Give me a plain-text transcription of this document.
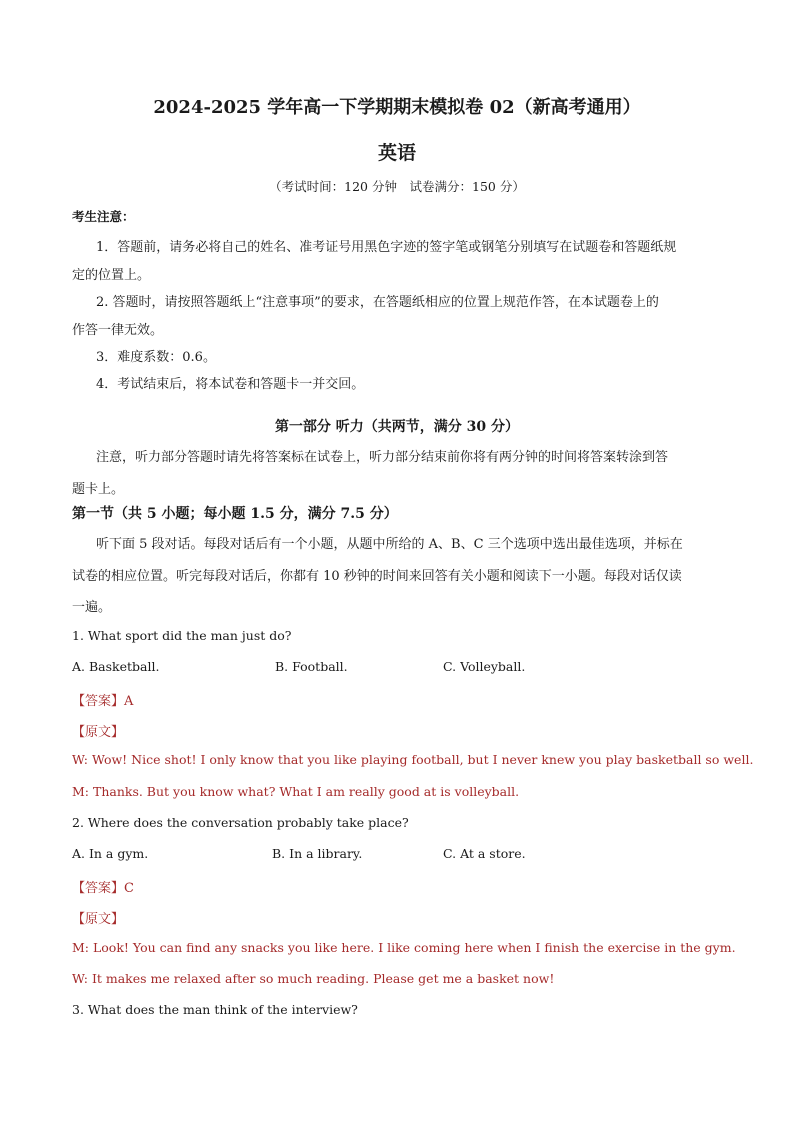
2024-2025 学年高一下学期期末模拟卷 02（新高考通用）
英语
（考试时间：120 分钟　试卷满分：150 分）
考生注意：
1．答题前，请务必将自己的姓名、准考证号用黑色字迹的签字笔或钢笔分别填写在试题卷和答题纸规
定的位置上。
2. 答题时，请按照答题纸上“注意事项”的要求，在答题纸相应的位置上规范作答，在本试题卷上的
作答一律无效。
3．难度系数：0.6。
4．考试结束后，将本试卷和答题卡一并交回。
第一部分 听力（共两节，满分 30 分）
注意，听力部分答题时请先将答案标在试卷上，听力部分结束前你将有两分钟的时间将答案转涂到答
题卡上。
第一节（共 5 小题；每小题 1.5 分，满分 7.5 分）
听下面 5 段对话。每段对话后有一个小题，从题中所给的 A、B、C 三个选项中选出最佳选项，并标在
试卷的相应位置。听完每段对话后，你都有 10 秒钟的时间来回答有关小题和阅读下一小题。每段对话仅读
一遍。
1. What sport did the man just do?
A. Basketball.	B. Football.	C. Volleyball.
【答案】A
【原文】
W: Wow! Nice shot! I only know that you like playing football, but I never knew you play basketball so well.
M: Thanks. But you know what? What I am really good at is volleyball.
2. Where does the conversation probably take place?
A. In a gym.	B. In a library.	C. At a store.
【答案】C
【原文】
M: Look! You can find any snacks you like here. I like coming here when I finish the exercise in the gym.
W: It makes me relaxed after so much reading. Please get me a basket now!
3. What does the man think of the interview?
